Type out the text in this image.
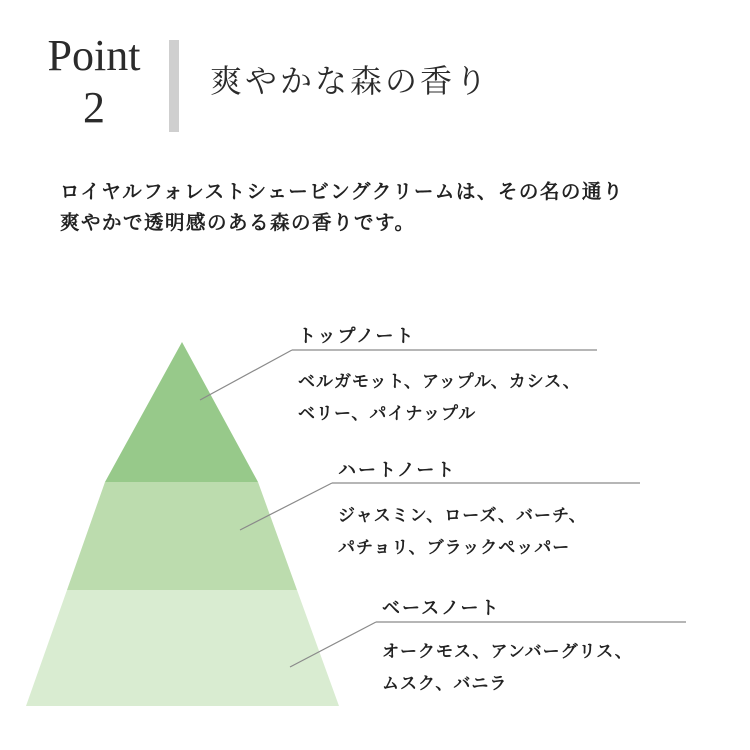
Point
2
爽やかな森の香り

ロイヤルフォレストシェービングクリームは、その名の通り

爽やかで透明感のある森の香りです。

トップノート

ベルガモット、アップル、カシス、

ベリー、パイナップル

ハートノート

ジャスミン、ローズ、バーチ、

パチョリ、ブラックペッパー

ベースノート

オークモス、アンバーグリス、

ムスク、バニラ
